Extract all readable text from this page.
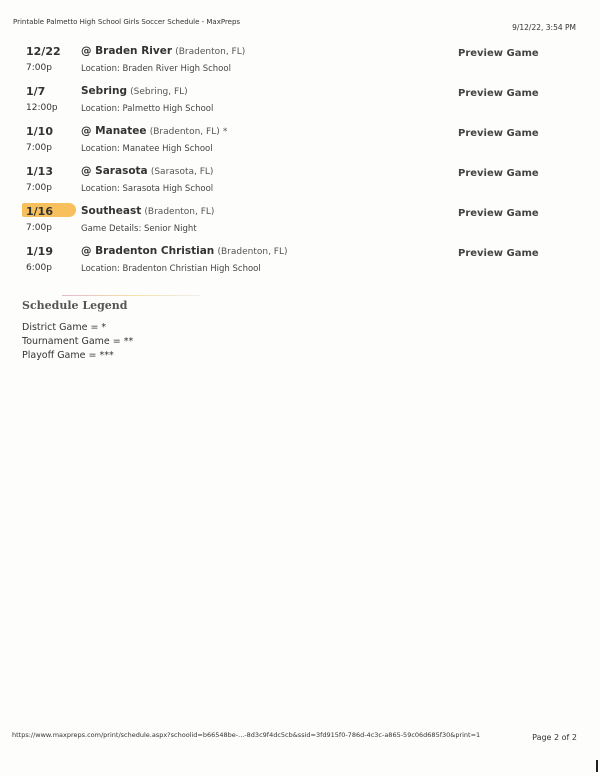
Printable Palmetto High School Girls Soccer Schedule - MaxPreps
9/12/22, 3:54 PM
12/22
7:00p
@ Braden River (Bradenton, FL)
Location: Braden River High School
Preview Game
1/7
12:00p
Sebring (Sebring, FL)
Location: Palmetto High School
Preview Game
1/10
7:00p
@ Manatee (Bradenton, FL) *
Location: Manatee High School
Preview Game
1/13
7:00p
@ Sarasota (Sarasota, FL)
Location: Sarasota High School
Preview Game
1/16
7:00p
Southeast (Bradenton, FL)
Game Details: Senior Night
Preview Game
1/19
6:00p
@ Bradenton Christian (Bradenton, FL)
Location: Bradenton Christian High School
Preview Game
Schedule Legend
District Game = *
Tournament Game = **
Playoff Game = ***
https://www.maxpreps.com/print/schedule.aspx?schoolid=b66548be-...-8d3c9f4dc5cb&ssid=3fd915f0-786d-4c3c-a865-59c06d685f30&print=1	Page 2 of 2
